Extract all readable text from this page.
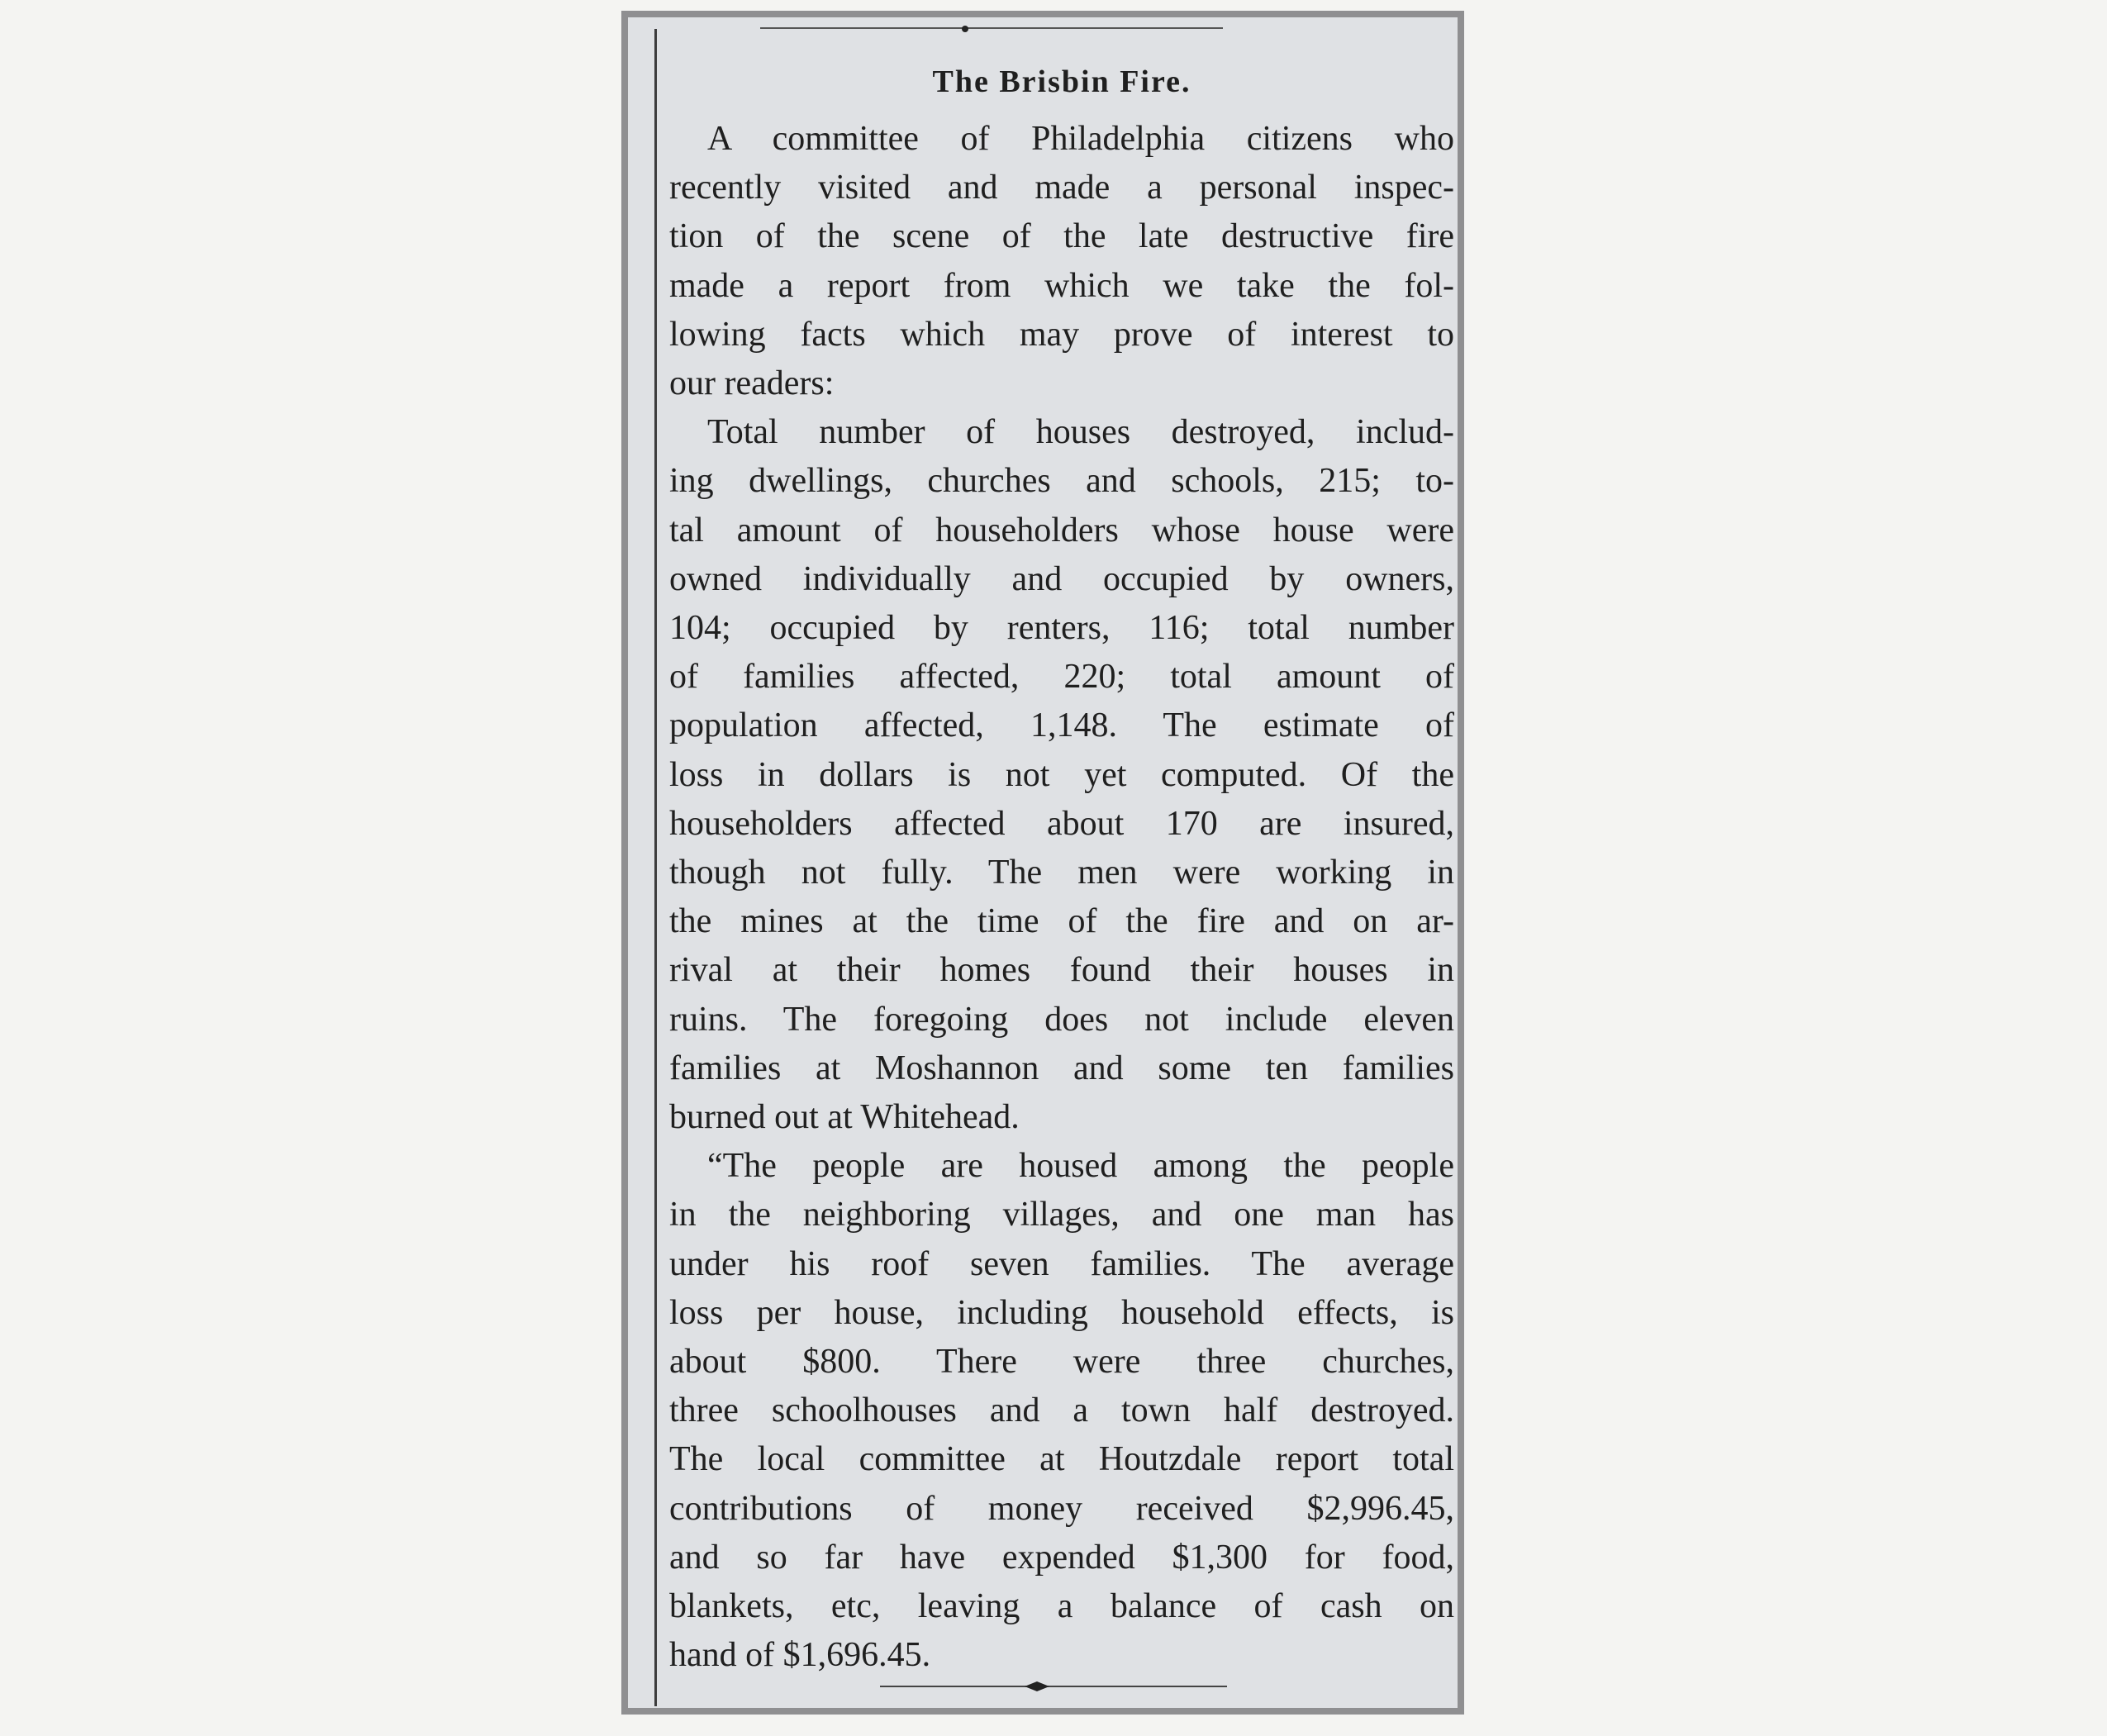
The Brisbin Fire.
A committee of Philadelphia citizens who
recently visited and made a personal inspec-
tion of the scene of the late destructive fire
made a report from which we take the fol-
lowing facts which may prove of interest to
our readers:
Total number of houses destroyed, includ-
ing dwellings, churches and schools, 215; to-
tal amount of householders whose house were
owned individually and occupied by owners,
104; occupied by renters, 116; total number
of families affected, 220; total amount of
population affected, 1,148. The estimate of
loss in dollars is not yet computed. Of the
householders affected about 170 are insured,
though not fully. The men were working in
the mines at the time of the fire and on ar-
rival at their homes found their houses in
ruins. The foregoing does not include eleven
families at Moshannon and some ten families
burned out at Whitehead.
“The people are housed among the people
in the neighboring villages, and one man has
under his roof seven families. The average
loss per house, including household effects, is
about $800. There were three churches,
three schoolhouses and a town half destroyed.
The local committee at Houtzdale report total
contributions of money received $2,996.45,
and so far have expended $1,300 for food,
blankets, etc, leaving a balance of cash on
hand of $1,696.45.
